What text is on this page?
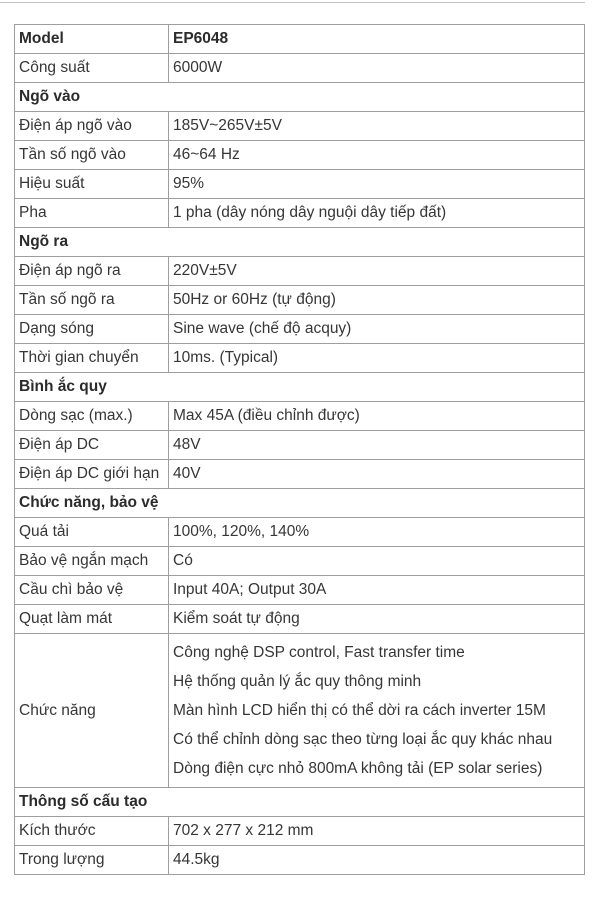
Model	EP6048
Công suất	6000W
Ngõ vào	
Điện áp ngõ vào	185V~265V±5V
Tần số ngõ vào	46~64 Hz
Hiệu suất	95%
Pha	1 pha (dây nóng dây nguội dây tiếp đất)
Ngõ ra	
Điện áp ngõ ra	220V±5V
Tần số ngõ ra	50Hz or 60Hz (tự động)
Dạng sóng	Sine wave (chế độ acquy)
Thời gian chuyển	10ms. (Typical)
Bình ắc quy	
Dòng sạc (max.)	Max 45A (điều chỉnh được)
Điện áp DC	48V
Điện áp DC giới hạn	40V
Chức năng, bảo vệ	
Quá tải	100%, 120%, 140%
Bảo vệ ngắn mạch	Có
Cầu chì bảo vệ	Input 40A; Output 30A
Quạt làm mát	Kiểm soát tự động
Chức năng	Công nghệ DSP control, Fast transfer time
Hệ thống quản lý ắc quy thông minh
Màn hình LCD hiển thị có thể dời ra cách inverter 15M
Có thể chỉnh dòng sạc theo từng loại ắc quy khác nhau
Dòng điện cực nhỏ 800mA không tải (EP solar series)

Thông số cấu tạo	
Kích thước	702 x 277 x 212 mm
Trong lượng	44.5kg
